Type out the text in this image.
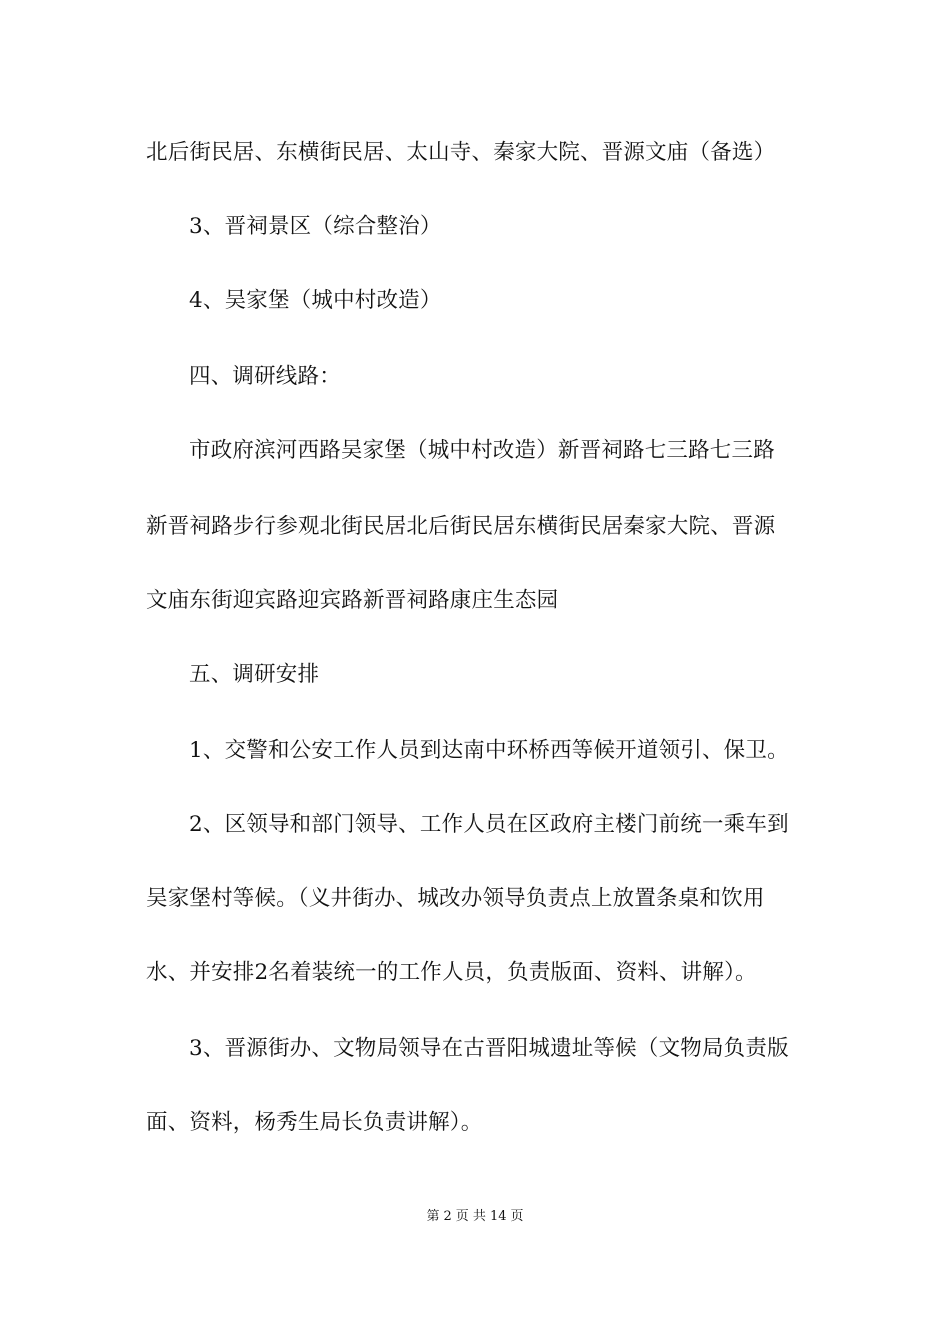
北后街民居、东横街民居、太山寺、秦家大院、晋源文庙（备选）
3、晋祠景区（综合整治）
4、吴家堡（城中村改造）
四、调研线路：
市政府滨河西路吴家堡（城中村改造）新晋祠路七三路七三路
新晋祠路步行参观北街民居北后街民居东横街民居秦家大院、晋源
文庙东街迎宾路迎宾路新晋祠路康庄生态园
五、调研安排
1、交警和公安工作人员到达南中环桥西等候开道领引、保卫。
2、区领导和部门领导、工作人员在区政府主楼门前统一乘车到
吴家堡村等候。（义井街办、城改办领导负责点上放置条桌和饮用
水、并安排2名着装统一的工作人员，负责版面、资料、讲解）。
3、晋源街办、文物局领导在古晋阳城遗址等候（文物局负责版
面、资料，杨秀生局长负责讲解）。
第 2 页 共 14 页
